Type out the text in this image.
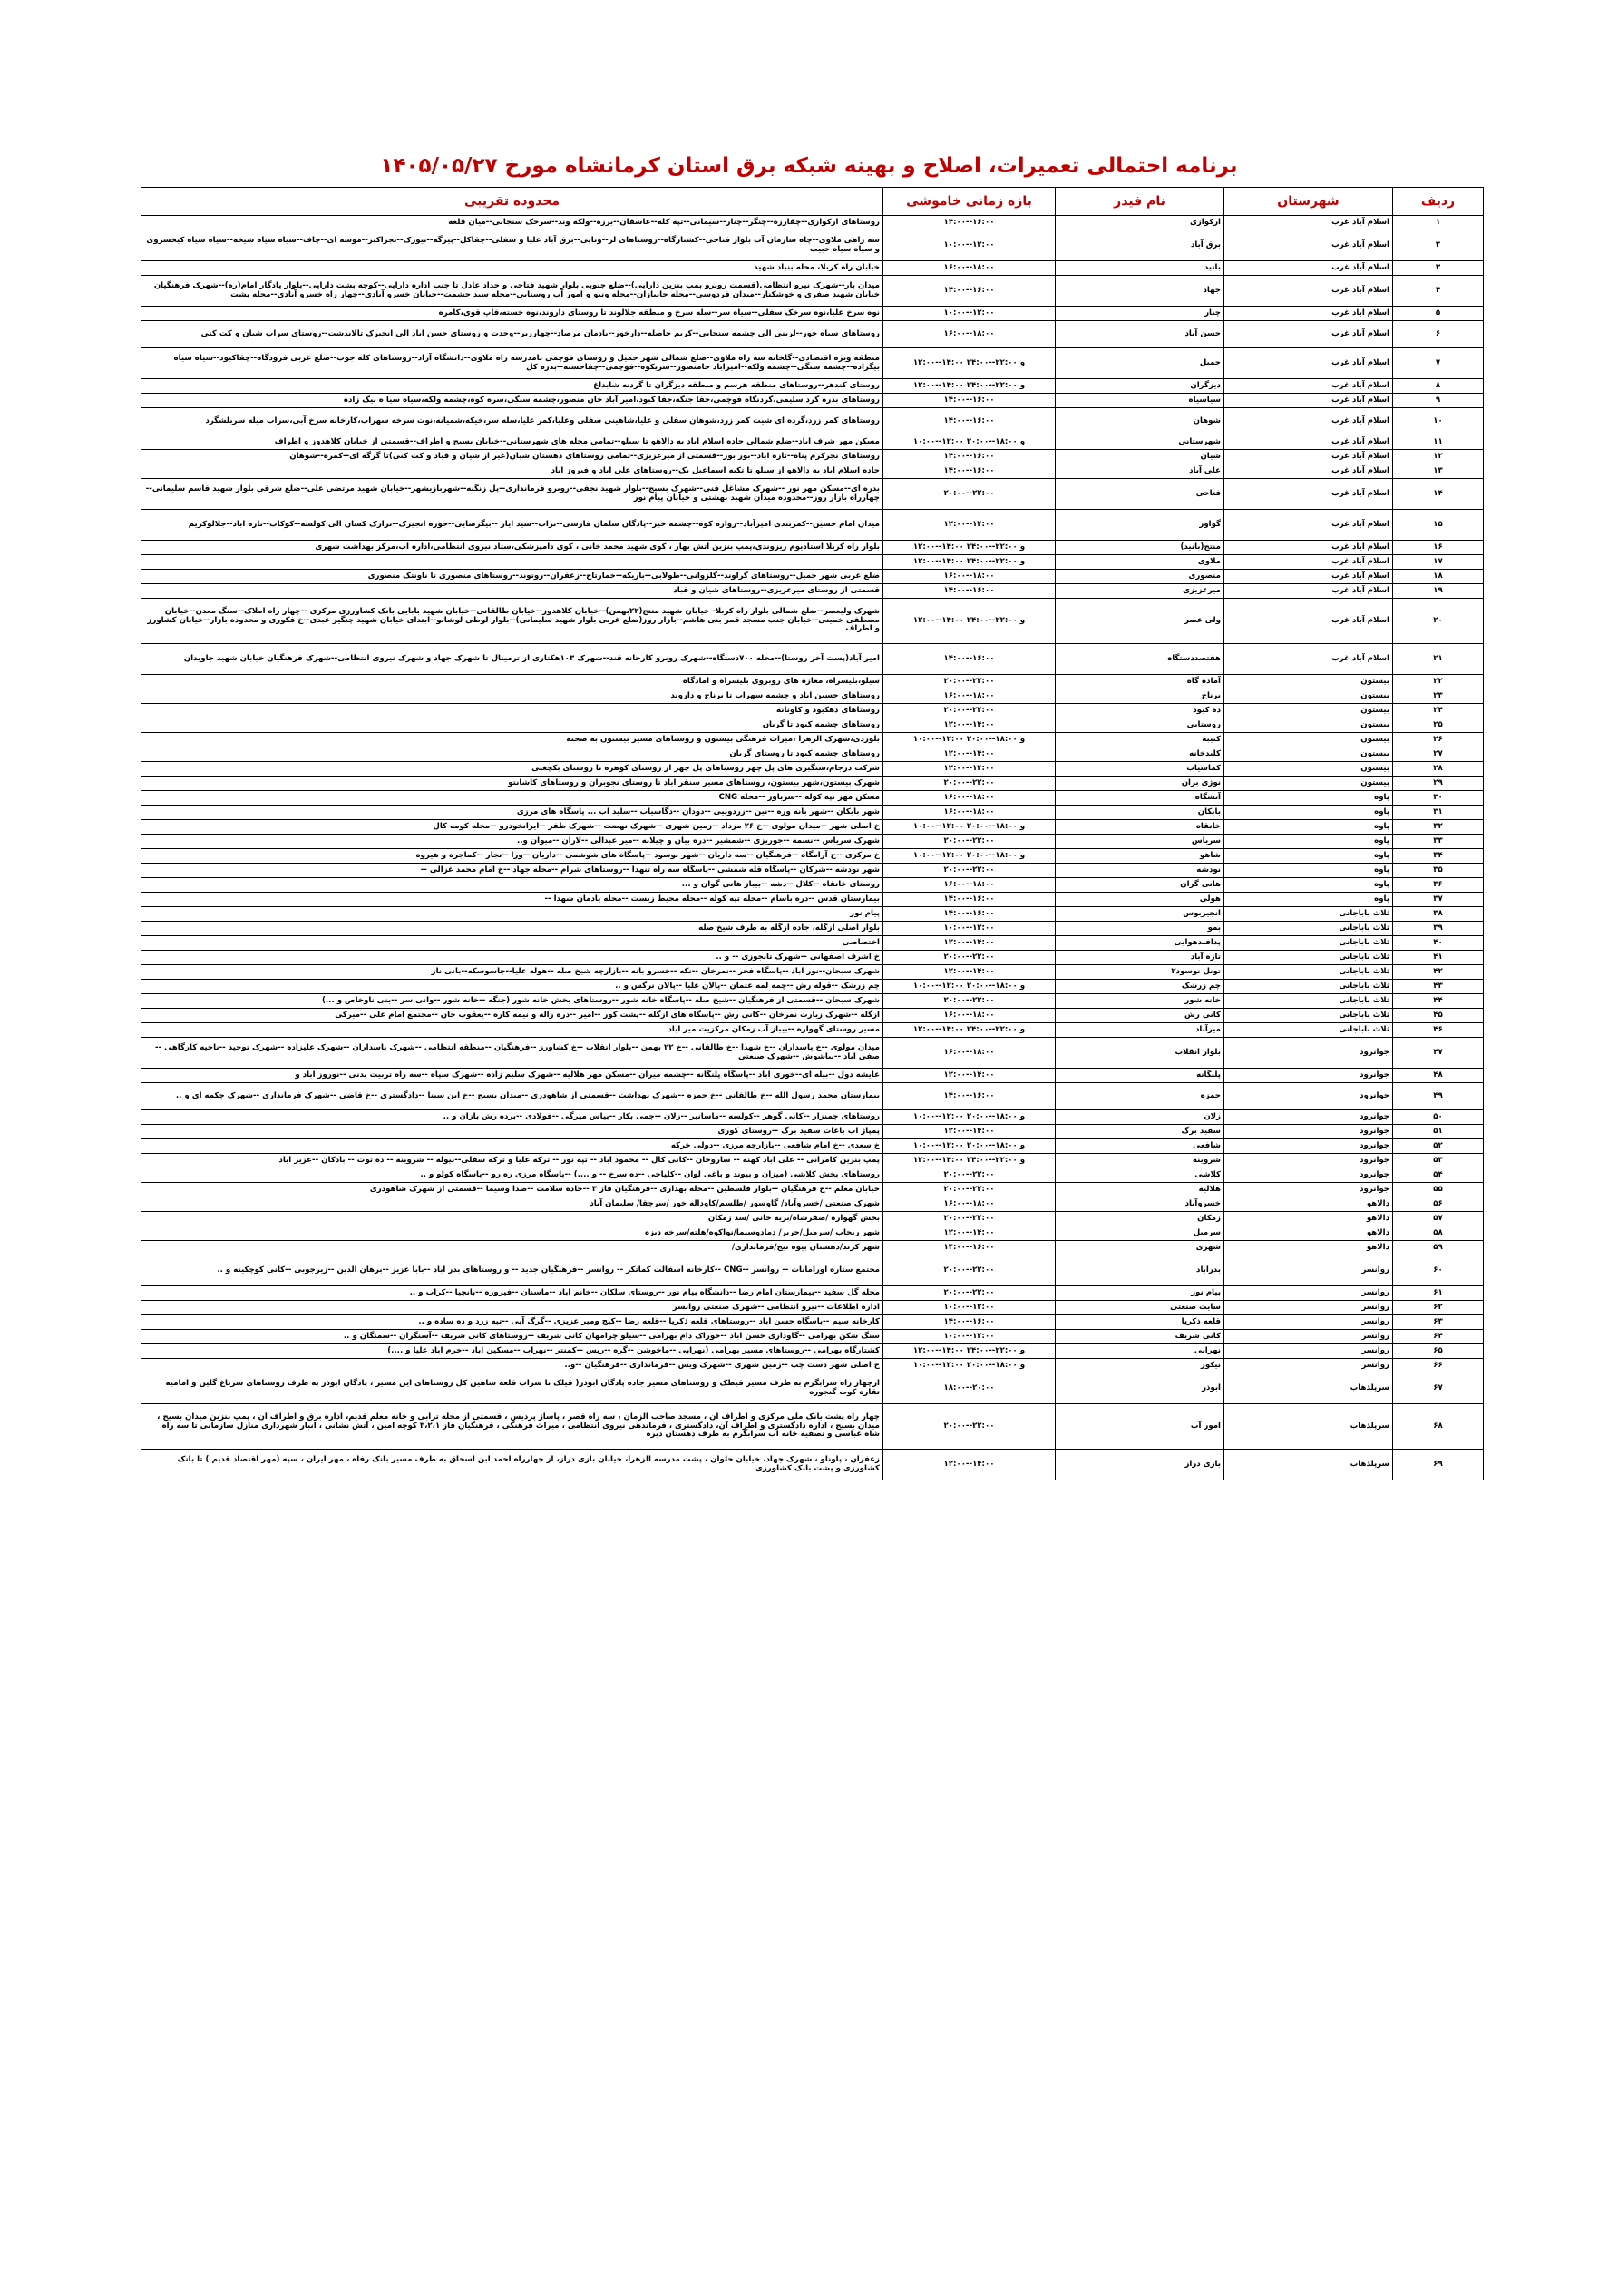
برنامه احتمالی تعمیرات، اصلاح و بهینه شبکه برق استان کرمانشاه مورخ ۱۴۰۵/۰۵/۲۷
ردیف	شهرستان	نام فیدر	بازه زمانی خاموشی	محدوده تقریبی
۱	اسلام آباد غرب	ارکوازی	۱۴:۰۰--۱۶:۰۰	روستاهای ارکوازی--چقارزه--چنگر--چنار--سیمانی--تپه کله--عاشقان--برزه--ولکه وند--سرخک سنجابی--میان قلعه
۲	اسلام آباد غرب	برق آباد	۱۰:۰۰--۱۲:۰۰	سه راهی ملاوی--چاه سازمان آب بلوار فتاحی--کشتارگاه--روستاهای لر--ونایی--برق آباد علیا و سفلی--چقاکل--پیرگه--تیورک--نجراکبر--موسه ای--چاف--سیاه سیاه شیخه--سیاه سیاه کیخسروی و سیاه سیاه حبیب
۳	اسلام آباد غرب	بانید	۱۶:۰۰--۱۸:۰۰	خیابان راه کربلا، محله بنیاد شهید
۴	اسلام آباد غرب	جهاد	۱۴:۰۰--۱۶:۰۰	میدان بار--شهرک نیرو انتظامی(قسمت روبرو پمپ بنزین دارایی)--ضلع جنوبی بلوار شهید فتاحی و حداد عادل تا جنب اداره دارایی--کوچه پشت دارایی--بلوار یادگار امام(ره)--شهرک فرهنگیان خیابان شهید صفری و خوشکنار--میدان فردوسی--محله جانبازان--محله ونیو و امور آب روستایی--محله سید حشمت--خیابان خسرو آبادی--چهار راه خسرو آبادی--محله پشت
۵	اسلام آباد غرب	چنار	۱۰:۰۰--۱۲:۰۰	نوه سرخ علیا،نوه سرخک سفلی--سیاه سر--سله سرخ و منطقه جلالوند تا روستای داروند،نوه خسته،قاپ قوی،کامره
۶	اسلام آباد غرب	حسن آباد	۱۶:۰۰--۱۸:۰۰	روستاهای سیاه خور--لرینی الی چشمه سنجابی--کریم حاصله--دارخور--بادمان مرصاد--چهارزبر--وحدت و روستای حسن اباد الی انجیرک تالاندشت--روستای سراب شیان و کت کنی
۷	اسلام آباد غرب	حمیل	۱۲:۰۰--۱۴:۰۰ و ۲۲:۰۰--۲۴:۰۰	منطقه ویژه اقتصادی--گلخانه سه راه ملاوی--ضلع شمالی شهر حمیل و روستای فوچمی تامدرسه راه ملاوی--دانشگاه آزاد--روستاهای کله جوب--ضلع غربی فرودگاه--چقاکبود--سیاه سیاه بیگزاده--چشمه سنگی--چشمه ولکه--امیراباد خامنصور--سریکوه--فوچمی--چقاحسنه--بدره کل
۸	اسلام آباد غرب	دیزگران	۱۲:۰۰--۱۴:۰۰ و ۲۲:۰۰--۲۴:۰۰	روستای کندهر--روستاهای منطقه هرسم و منطقه دیزگران تا گردنه شابداغ
۹	اسلام آباد غرب	سیاسیاه	۱۴:۰۰--۱۶:۰۰	روستاهای بدره گرد سلیمی،گردنگاه فوچمی،جفا جنگه،جفا کبود،امیر آباد خان منصور،چشمه سنگی،سره کوه،چشمه ولکه،سیاه سیا ه بیگ زاده
۱۰	اسلام آباد غرب	شوهان	۱۴:۰۰--۱۶:۰۰	روستاهای کمر زرد،گرده ای شیت کمر زرد،شوهان سفلی و علیا،شاهینی سفلی وعلیا،کمر علیا،سله سر،خیکه،شمیانه،نوت سرخه سهراب،کارخانه سرخ آبی،سراب میله سربلشگرد
۱۱	اسلام آباد غرب	شهرستانی	۱۰:۰۰--۱۲:۰۰ و ۱۸:۰۰--۲۰:۰۰	مسکن مهر شرف اباد--ضلع شمالی جاده اسلام اباد به دالاهو تا سیلو--تمامی محله های شهرستانی--خیابان بسیج و اطراف--قسمتی از خیابان کلاهدوز و اطراف
۱۲	اسلام آباد غرب	شیان	۱۴:۰۰--۱۶:۰۰	روستاهای نجرکرم پناه--تازه اباد--بور بور--قسمتی از میرعزیزی--تمامی روستاهای دهستان شیان(غیر از شیان و قباد و کت کنی)تا گرگه ای--کمره--شوهان
۱۳	اسلام آباد غرب	علی آباد	۱۴:۰۰--۱۶:۰۰	جاده اسلام اباد به دالاهو از سیلو تا تکیه اسماعیل بک--روستاهای علی اباد و فیروز اباد
۱۴	اسلام آباد غرب	فتاحی	۲۰:۰۰--۲۲:۰۰	بدره ای--مسکن مهر نور --شهرک مشاغل فنی--شهرک بسیج--بلوار شهید نجفی--روبرو فرمانداری--پل زنگنه--شهربازیشهر--خیابان شهید مرتضی علی--ضلع شرقی بلوار شهید قاسم سلیمانی--چهارراه بازار روز--محدوده میدان شهید بهشتی و خیابان پیام نور
۱۵	اسلام آباد غرب	گواور	۱۲:۰۰--۱۴:۰۰	میدان امام حسین--کمربندی امیرآباد--زواره کوه--چشمه خیر--پادگان سلمان فارسی--تراب--سید ایاز --بیگرضایی--حوزه انجیرک--نزارک کسان الی کولسه--کوکاب--تازه اباد--جلالوکریم
۱۶	اسلام آباد غرب	منتج(بانید)	۱۲:۰۰--۱۴:۰۰ و ۲۲:۰۰--۲۴:۰۰	بلوار راه کربلا استادیوم ریزوندی،پمپ بنزین آتش بهار ، کوی شهید محمد خانی ، کوی دامپزشکی،ستاد نیروی انتظامی،اداره آب،مرکز بهداشت شهری
۱۷	اسلام آباد غرب	ملاوی	۱۲:۰۰--۱۴:۰۰ و ۲۲:۰۰--۲۴:۰۰	
۱۸	اسلام آباد غرب	منصوری	۱۶:۰۰--۱۸:۰۰	ضلع غربی شهر حمیل--روستاهای گراوند--گلزوانی--طولابی--باریکه--خمارتاج--زعفران--روتوند--روستاهای منصوری تا ناونتک منصوری
۱۹	اسلام آباد غرب	میرعزیزی	۱۴:۰۰--۱۶:۰۰	قسمتی از روستای میرعزیزی--روستاهای شیان و قباد
۲۰	اسلام آباد غرب	ولی عصر	۱۲:۰۰--۱۴:۰۰ و ۲۲:۰۰--۲۴:۰۰	شهرک ولیعصر--ضلع شمالی بلوار راه کربلا- خیابان شهید منتج(۲۲بهمن)--خیابان کلاهدوز--خیابان طالقانی--خیابان شهید بابایی بانک کشاورزی مرکزی --چهار راه املاک--سنگ معدن--خیابان مصطفی خمینی--خیابان جنب مسجد قمر بنی هاشم--بازار روز(ضلع غربی بلوار شهید سلیمانی)--بلوار لوطی لوشانو--ابتدای خیابان شهید چنگیز عبدی--خ فکوری و محدوده بازار--خیابان کشاورز و اطراف
۲۱	اسلام آباد غرب	هفتصددستگاه	۱۴:۰۰--۱۶:۰۰	امیر آباد(پست آخر روستا)--محله ۷۰۰دستگاه--شهرک روبرو کارخانه قند--شهرک ۱۰۳هکتاری از ترمینال تا شهرک جهاد و شهرک نیروی انتظامی--شهرک فرهنگیان خیابان شهید جاویدان
۲۲	بیستون	آماده گاه	۲۰:۰۰--۲۲:۰۰	سیلو،بلیسراه، مغازه های روبروی بلیسراه و امادگاه
۲۳	بیستون	برناج	۱۶:۰۰--۱۸:۰۰	روستاهای حسین اباد و چشمه سهراب تا برناج و داروند
۲۴	بیستون	ده کبود	۲۰:۰۰--۲۲:۰۰	روستاهای دهکبود و کاونانه
۲۵	بیستون	روستایی	۱۲:۰۰--۱۴:۰۰	روستاهای چشمه کبود تا گریان
۲۶	بیستون	کتیبه	۱۰:۰۰--۱۲:۰۰ و ۱۸:۰۰--۲۰:۰۰	بلوردی،شهرک الزهرا ،میراث فرهنگی بیستون و روستاهای مسیر بیستون به صحنه
۲۷	بیستون	کلیدخانه	۱۲:۰۰--۱۴:۰۰	روستاهای چشمه کبود تا روستای گریان
۲۸	بیستون	کماسیاب	۱۲:۰۰--۱۴:۰۰	شرکت درجام،سنگبری های پل چهر روستاهای پل چهر از روستای کوهره تا روستای بکچغنی
۲۹	بیستون	نوژی بران	۲۰:۰۰--۲۲:۰۰	شهرک بیستون،شهر بیستون، روستاهای مسیر سنقر اباد تا روستای نجوبران و روستاهای کاشانتو
۳۰	پاوه	آتشگاه	۱۶:۰۰--۱۸:۰۰	مسکن مهر تپه کوله --سرباور --محله CNG
۳۱	پاوه	بابکان	۱۶:۰۰--۱۸:۰۰	شهر بابکان --شهر بانه وره --نین --زردوییی --دودان --دگاسیاب --سلید اب ... پاسگاه های مرزی
۳۲	پاوه	خانقاه	۱۰:۰۰--۱۲:۰۰ و ۱۸:۰۰--۲۰:۰۰	خ اصلی شهر --میدان مولوی --خ ۲۶ مرداد --زمین شهری --شهرک نهضت --شهرک ظفر --ایرانخودرو --محله کومه کال
۳۳	پاوه	سریاس	۲۰:۰۰--۲۲:۰۰	شهرک سریاس --نسمه --جوریزی --شمشیر --دره بیان و چیلانه --میر عبدالی --لاران --میوان و..
۳۴	پاوه	شاهو	۱۰:۰۰--۱۲:۰۰ و ۱۸:۰۰--۲۰:۰۰	خ مرکزی --خ آرامگاه --فرهنگیان --سه داریان --شهر نوسود --پاسگاه های شوشمی --داریان --ورا --نجار --کماجره و هیروه
۳۵	پاوه	نودشه	۲۰:۰۰--۲۲:۰۰	شهر نودشه --شرکان --پاسگاه قله شمشی --پاسگاه سه راه تنهدا --روستاهای شرام --محله جهاد --خ امام محمد غزالی --
۳۶	پاوه	هانی گران	۱۶:۰۰--۱۸:۰۰	روستای خانقاه --کلال --دشه --بیباز هانی گوان و ...
۳۷	پاوه	هولی	۱۴:۰۰--۱۶:۰۰	بیمارستان قدس --دره باسام --محله تپه کوله --محله محیط زیست --محله یادمان شهدا --
۳۸	ثلاث باباجانی	انجیربوس	۱۴:۰۰--۱۶:۰۰	پیام نور
۳۹	ثلاث باباجانی	بمو	۱۰:۰۰--۱۲:۰۰	بلوار اصلی ازگله، جاده ازگله به طرف شیخ صله
۴۰	ثلاث باباجانی	پدافندهوایی	۱۲:۰۰--۱۴:۰۰	اختصاصی
۴۱	ثلاث باباجانی	تازه آباد	۲۰:۰۰--۲۲:۰۰	خ اشرف اصفهانی --شهرک تابجوزی -- و ..
۴۲	ثلاث باباجانی	تونل نوسود۲	۱۲:۰۰--۱۴:۰۰	شهرک سبحان--نور اباد --پاسگاه فجر --نمرخان --نکه --خسرو بانه --بازارچه شیخ صله --هوله علیا--جاسوسکه--بانی ناز
۴۳	ثلاث باباجانی	چم زرشک	۱۰:۰۰--۱۲:۰۰ و ۱۸:۰۰--۲۰:۰۰	چم زرشک --قوله رش --چمه لمه عثمان --پالان علیا --پالان نرگس و ..
۴۴	ثلاث باباجانی	خانه شور	۲۰:۰۰--۲۲:۰۰	شهرک سبحان --قسمتی از فرهنگیان --شیخ صله --پاسگاه خانه شور --روستاهای بخش خانه شور (جنگه --خانه شور --وانی سر --بنی ناوخاص و ...)
۴۵	ثلاث باباجانی	کانی رش	۱۶:۰۰--۱۸:۰۰	ازگله --شهرک زیارت نمرخان --کانی رش --پاسگاه های ازگله --پشت کور --امیر --دره زاله و نیمه کاره --یعقوب جان --مجتمع امام علی --میرکی
۴۶	ثلاث باباجانی	میرآباد	۱۲:۰۰--۱۴:۰۰ و ۲۲:۰۰--۲۴:۰۰	مسیر روستای گهواره --بیباز آب زمکان مرکزیت میر اباد
۴۷	جوانرود	بلوار انقلاب	۱۶:۰۰--۱۸:۰۰	میدان مولوی --خ پاسداران --خ شهدا --خ طالقانی --خ ۲۲ بهمن --بلوار انقلاب --خ کشاورز --فرهنگیان --منطقه انتظامی --شهرک پاسداران --شهرک علیزاده --شهرک توحید --ناحیه کارگاهی --صفی اباد --بیاشوش --شهرک صنعتی
۴۸	جوانرود	پلنگانه	۱۲:۰۰--۱۴:۰۰	عایشه دول --بیله ای--خوری اباد --پاسگاه پلنگانه --چشمه میران --مسکن مهر هلالیه --شهرک سلیم زاده --شهرک سپاه --سه راه تربیت بدنی --نوروز اباد و
۴۹	جوانرود	حمزه	۱۴:۰۰--۱۶:۰۰	بیمارستان محمد رسول الله --خ طالقانی --خ حمزه --شهرک بهداشت --قسمتی از شاهودری --میدان بسیج --خ ابن سینا --دادگستری --خ قاضی --شهرک فرمانداری --شهرک چکمه ای و ..
۵۰	جوانرود	زلان	۱۰:۰۰--۱۲:۰۰ و ۱۸:۰۰--۲۰:۰۰	روستاهای چمنزار --کانی گوهر --کولسه --ماسانیر --زلان --چمی بکار --بیاس میرگی --فولادی --برده رش بازان و ..
۵۱	جوانرود	سفید برگ	۱۲:۰۰--۱۴:۰۰	پمپاژ اب باغات سفید برگ --روستای کوری
۵۲	جوانرود	شافعی	۱۰:۰۰--۱۲:۰۰ و ۱۸:۰۰--۲۰:۰۰	خ سعدی --خ امام شافعی --بازارچه مرزی --دولی خرکه
۵۳	جوانرود	شروینه	۱۲:۰۰--۱۴:۰۰ و ۲۲:۰۰--۲۴:۰۰	پمپ بنزین کامرانی -- علی اباد کهنه -- ساروخان --کانی کال -- محمود اباد -- تپه نور -- ترکه علیا و ترکه سفلی--بیوله -- شروینه -- ده توت -- بادکان --عزیز اباد
۵۴	جوانرود	کلاشی	۲۰:۰۰--۲۲:۰۰	روستاهای بخش کلاشی (میزان و بیوند و باغی لوان --کلیاخی --ده سرخ -- و ....) --پاسگاه مرزی ره رو --پاسگاه کولو و ..
۵۵	جوانرود	هلالیه	۲۰:۰۰--۲۲:۰۰	خیابان معلم --خ فرهنگیان --بلوار فلسطین --محله بهداری --فرهنگیان فاز ۳ --جاده سلامت --صدا وسیما --قسمتی از شهرک شاهودری
۵۶	دالاهو	خسروآباد	۱۶:۰۰--۱۸:۰۰	شهرک صنعتی /خسروآباد/ گاوسور /طلسم/کاوداله خور /سرچقا/ سلیمان آباد
۵۷	دالاهو	زمکان	۲۰:۰۰--۲۲:۰۰	بخش گهواره /صفرشاه/بریه خانی /سد زمکان
۵۸	دالاهو	سرمیل	۱۲:۰۰--۱۴:۰۰	شهر ریجاب /سرمیل/حریر/ دمادوسیما/نواکوه/هلته/سرخه دیزه
۵۹	دالاهو	شهری	۱۴:۰۰--۱۶:۰۰	شهر کرند/دهستان بیوه نیج/فرمانداری/
۶۰	روانسر	بدرآباد	۲۰:۰۰--۲۲:۰۰	مجتمع ستاره اورامانات -- روانسر --CNG --کارخانه آسفالت کماتکر -- روانسر --فرهنگیان جدید -- و روستاهای بدر اباد --بابا عزیز --برهان الدین --زیرجوبی --کانی کوچکینه و ..
۶۱	روانسر	پیام نور	۲۰:۰۰--۲۲:۰۰	محله گل سفید --بیمارستان امام رضا --دانشگاه پیام نور --روستای سلکان --خانم اباد --ماسنان --فیروزه --بانچیا --کراب و ..
۶۲	روانسر	سایت صنعتی	۱۰:۰۰--۱۲:۰۰	اداره اطلاعات --نیرو انتظامی --شهرک صنعتی روانسر
۶۳	روانسر	قلعه ذکریا	۱۴:۰۰--۱۶:۰۰	کارخانه سیم --پاسگاه حسن اباد --روستاهای قلعه ذکریا --قلعه رضا --کیچ ومیر عزیزی --گرگ آبی --تپه زرد و ده ساده و ..
۶۴	روانسر	کانی شریف	۱۰:۰۰--۱۲:۰۰	سنگ شکن بهرامی --گاوداری حسن اباد --خوراک دام بهرامی --سیلو چرامهان کانی شریف --روستاهای کانی شریف --آسنگران --سمنگان و ..
۶۵	روانسر	نهرابی	۱۲:۰۰--۱۴:۰۰ و ۲۲:۰۰--۲۴:۰۰	کشتارگاه بهرامی --روستاهای مسیر بهرامی (نهرابی --ماخوشن --گره --ریس --کمنتر --نهراب --مسکین اباد --خرم اباد علیا و ....)
۶۶	روانسر	نیکور	۱۰:۰۰--۱۲:۰۰ و ۱۸:۰۰--۲۰:۰۰	خ اصلی شهر دست چپ --زمین شهری --شهرک ویس --فرمانداری --فرهنگیان --و..
۶۷	سرپلذهاب	ابوذر	۱۸:۰۰--۲۰:۰۰	ازچهار راه سرابگرم به طرف مسیر قیطک و روستاهای مسیر جاده پادگان ابوذر( قیلک تا سراب قلعه شاهین کل روستاهای این مسیر ، پادگان ابوذر به طرف روستاهای سرباغ گلین و امامیه تقاره کوب گنجوره
۶۸	سرپلذهاب	امور آب	۲۰:۰۰--۲۲:۰۰	چهار راه پشت بانک ملی مرکزی و اطراف آن ، مسجد صاحب الزمان ، سه راه قصر ، پاساژ پردیس ، قسمتی از محله ترابی و خانه معلم قدیم، اداره برق و اطراف آن ، پمپ بنزین میدان بسیج ، میدان بسیج ، اداره دادگستری و اطراف آن، دادگستری ، فرماندهی نیروی انتظامی ، میراث فرهنگی ، فرهنگیان فاز ۳،۲،۱ کوچه امین ، آتش نشانی ، انبار شهرداری منازل سازمانی تا سه راه شاه عباسی و تصفیه خانه اب سرابگرم به طرف دهستان دیره
۶۹	سرپلذهاب	بازی دراز	۱۲:۰۰--۱۴:۰۰	زعفران ، پاوناو ، شهرک جهاد، خیابان حلوان ، پشت مدرسه الزهرا، خیابان بازی دراز، از چهارراه احمد ابن اسحاق به طرف مسیر بانک رفاه ، مهر ایران ، سپه (مهر اقتصاد قدیم ) تا بانک کشاورزی و پشت بانک کشاورزی
